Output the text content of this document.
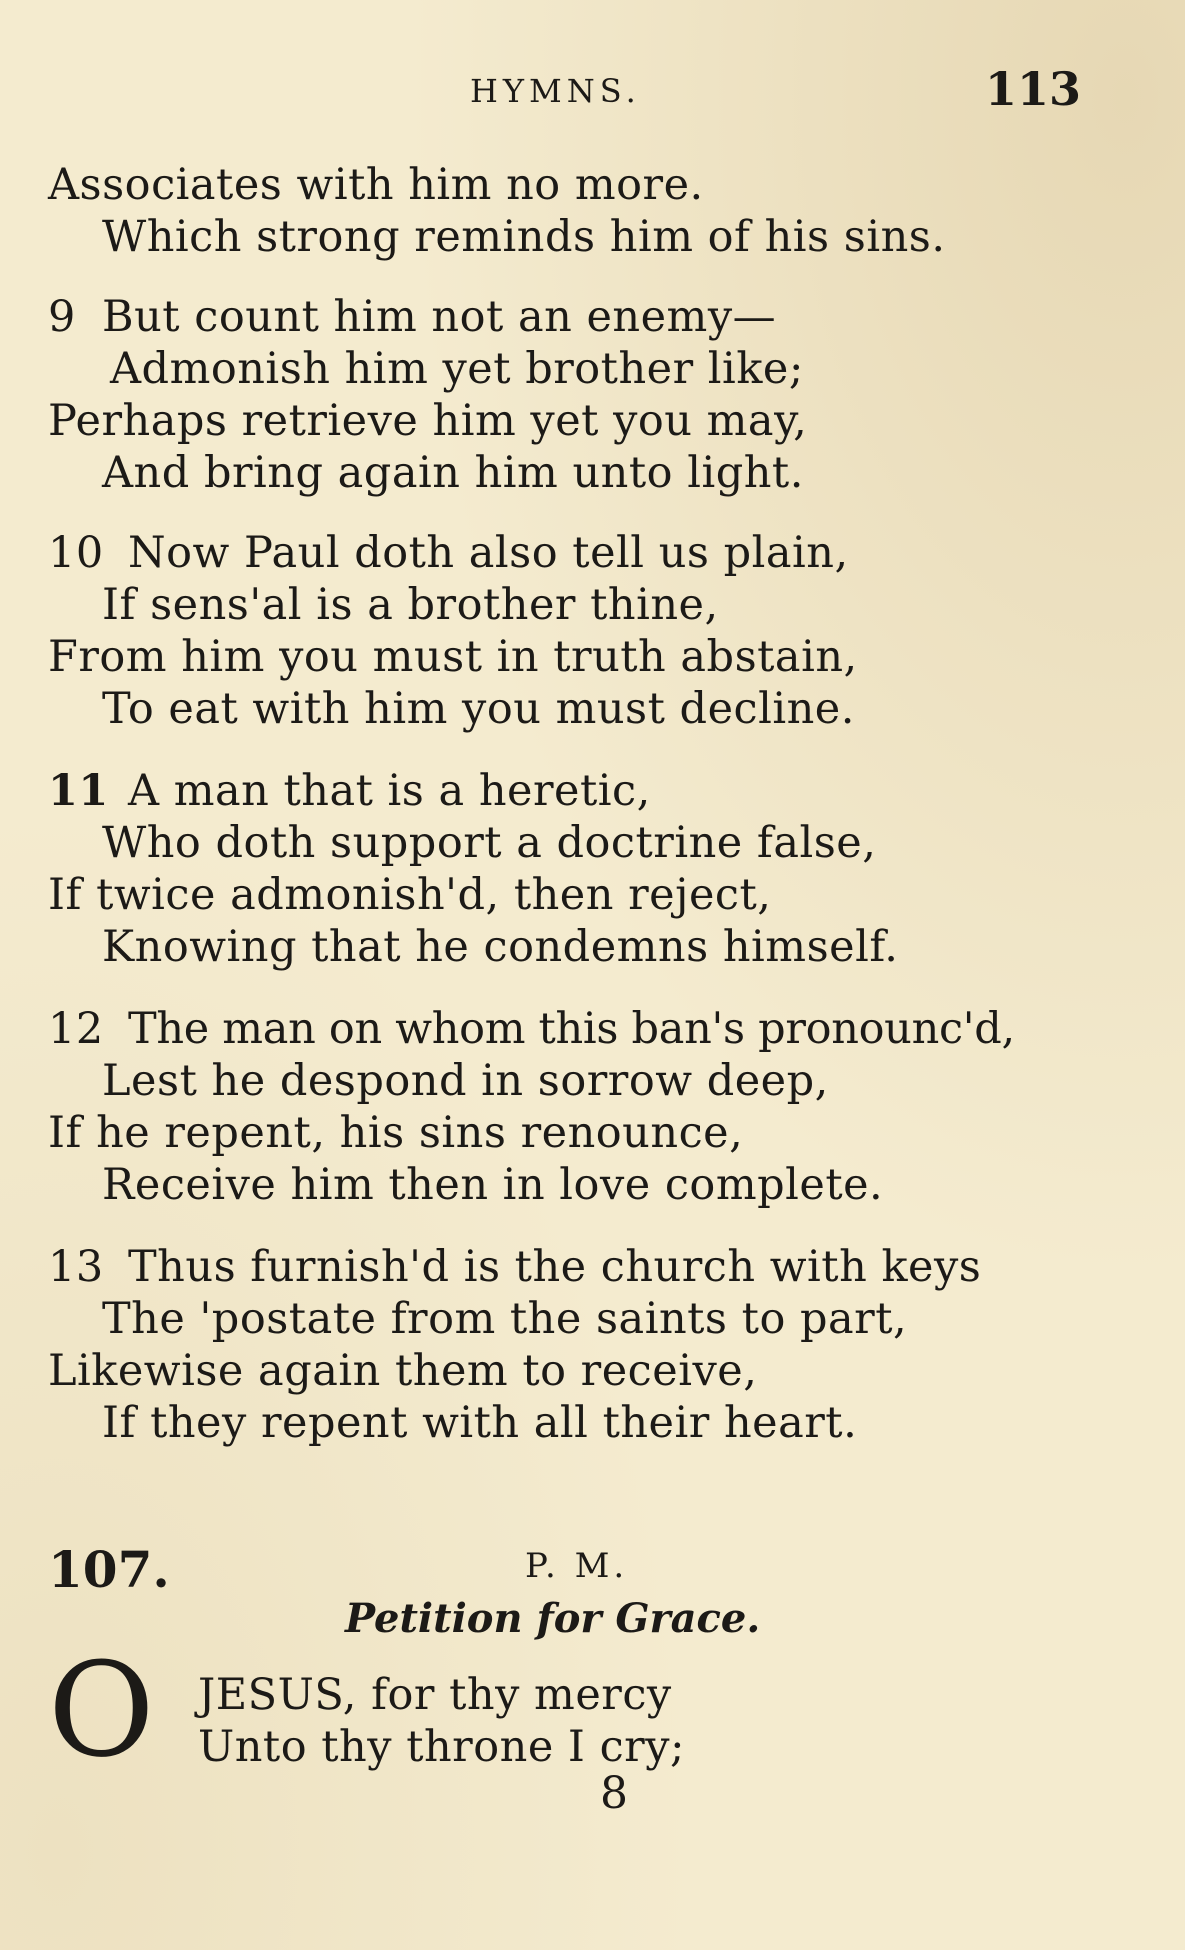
HYMNS.	113
Associates with him no more.
Which strong reminds him of his sins.
9 But count him not an enemy—
Admonish him yet brother like;
Perhaps retrieve him yet you may,
And bring again him unto light.
10 Now Paul doth also tell us plain,
If sens'al is a brother thine,
From him you must in truth abstain,
To eat with him you must decline.
11 A man that is a heretic,
Who doth support a doctrine false,
If twice admonish'd, then reject,
Knowing that he condemns himself.
12 The man on whom this ban's pronounc'd,
Lest he despond in sorrow deep,
If he repent, his sins renounce,
Receive him then in love complete.
13 Thus furnish'd is the church with keys
The 'postate from the saints to part,
Likewise again them to receive,
If they repent with all their heart.
107.	P. M.
Petition for Grace.
O JESUS, for thy mercy
Unto thy throne I cry;
8
